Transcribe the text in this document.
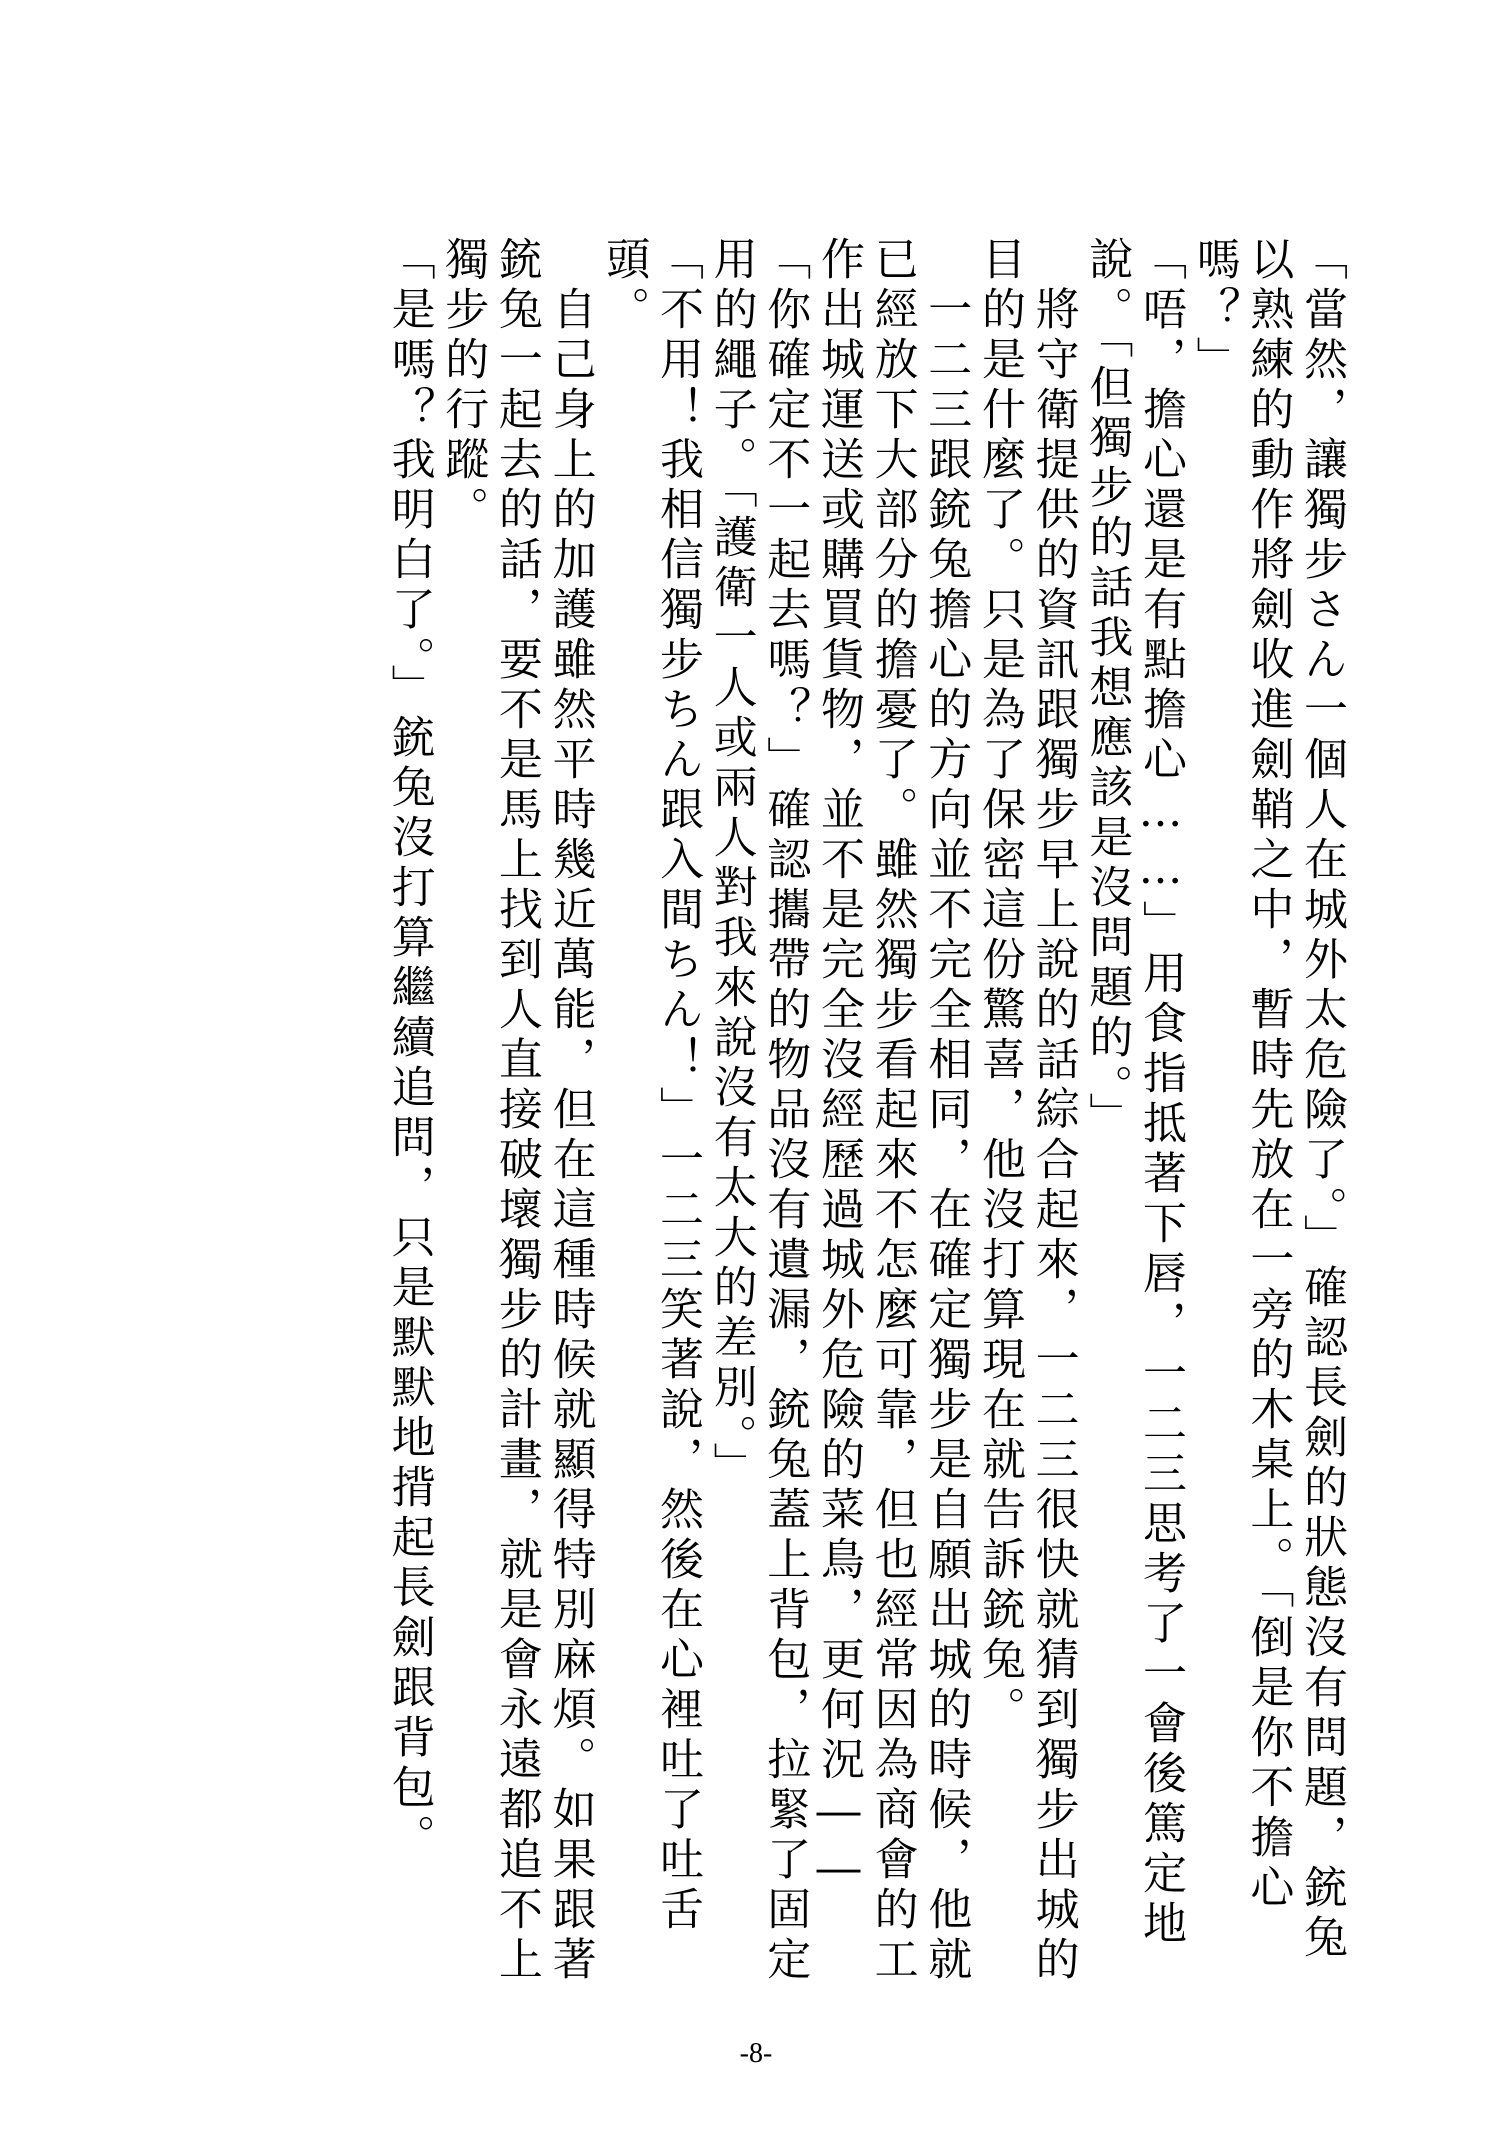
「當然，讓獨步さん一個人在城外太危險了。」確認長劍的狀態沒有問題，銃兔以熟練的動作將劍收進劍鞘之中，暫時先放在一旁的木桌上。「倒是你不擔心嗎？」

「唔，擔心還是有點擔心……」用食指抵著下唇，一二三思考了一會後篤定地說。「但獨步的話我想應該是沒問題的。」

　將守衛提供的資訊跟獨步早上說的話綜合起來，一二三很快就猜到獨步出城的目的是什麼了。只是為了保密這份驚喜，他沒打算現在就告訴銃兔。

　一二三跟銃兔擔心的方向並不完全相同，在確定獨步是自願出城的時候，他就已經放下大部分的擔憂了。雖然獨步看起來不怎麼可靠，但也經常因為商會的工作出城運送或購買貨物，並不是完全沒經歷過城外危險的菜鳥，更何況――

「你確定不一起去嗎？」確認攜帶的物品沒有遺漏，銃兔蓋上背包，拉緊了固定用的繩子。「護衛一人或兩人對我來說沒有太大的差別。」

「不用！我相信獨步ちん跟入間ちん！」一二三笑著說，然後在心裡吐了吐舌頭。

　自己身上的加護雖然平時幾近萬能，但在這種時候就顯得特別麻煩。如果跟著銃兔一起去的話，要不是馬上找到人直接破壞獨步的計畫，就是會永遠都追不上獨步的行蹤。

「是嗎？我明白了。」銃兔沒打算繼續追問，只是默默地揹起長劍跟背包。

-8-
